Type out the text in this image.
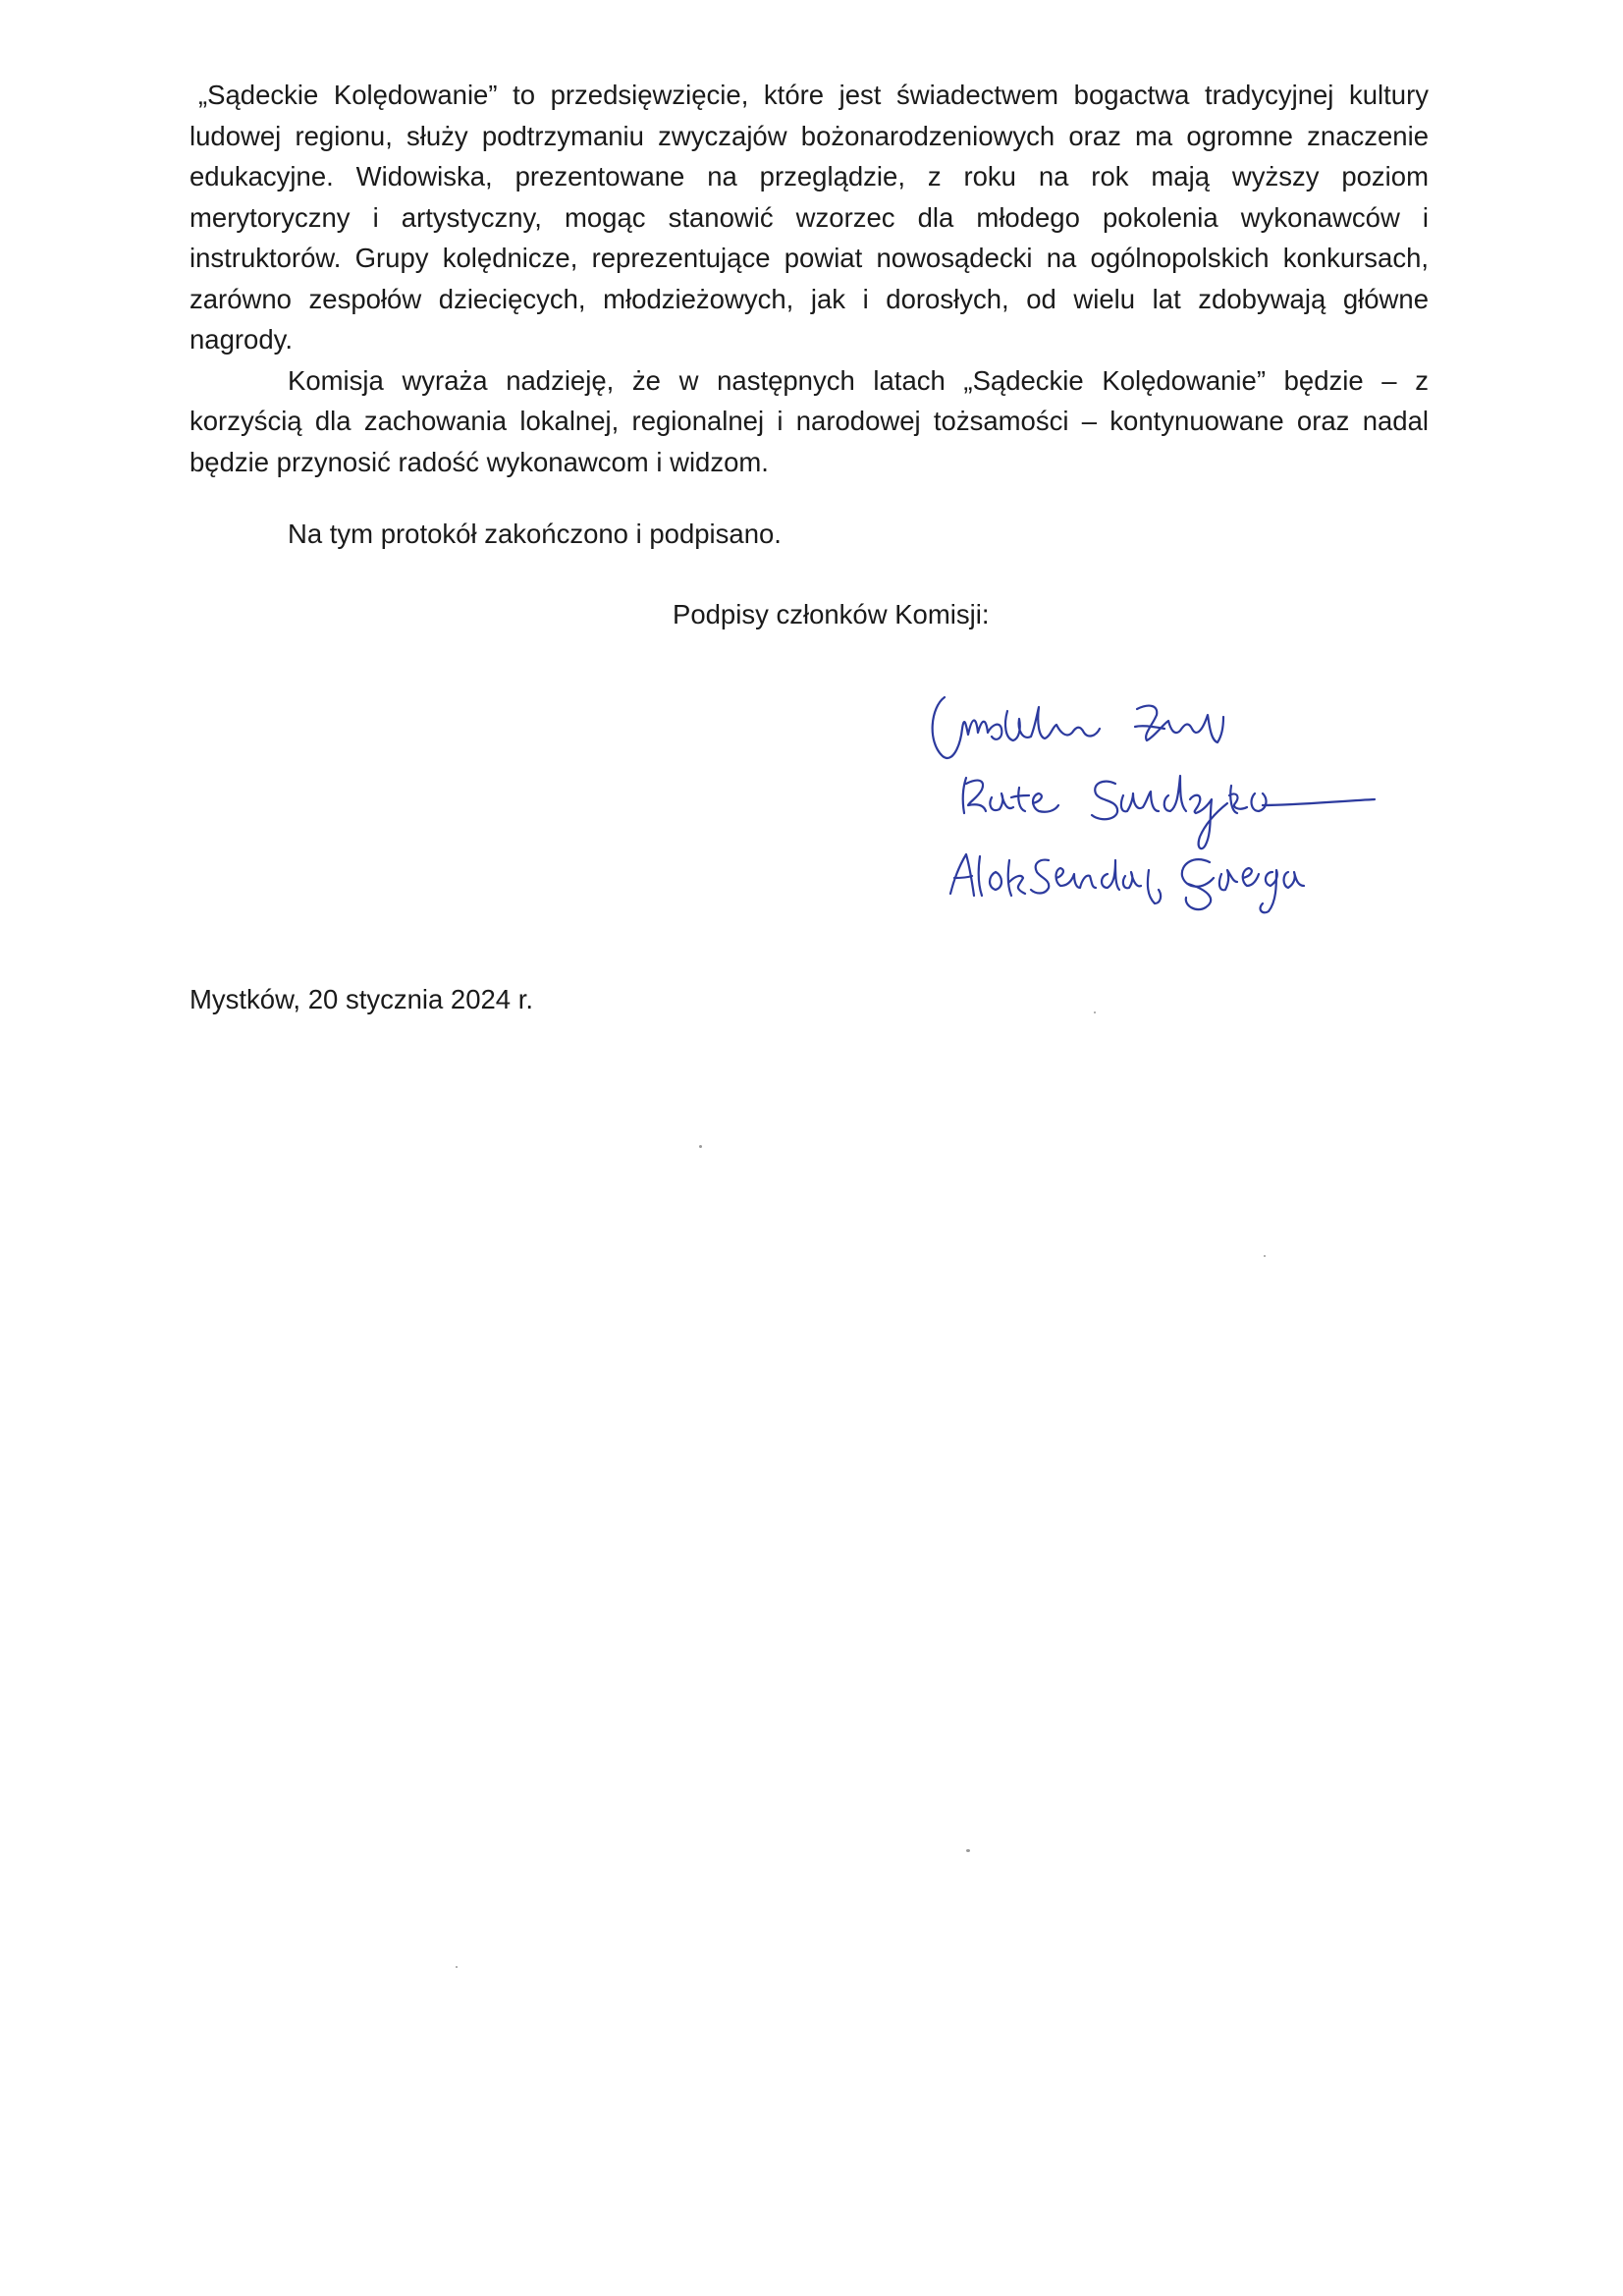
„Sądeckie Kolędowanie” to przedsięwzięcie, które jest świadectwem bogactwa tradycyjnej kultury ludowej regionu, służy podtrzymaniu zwyczajów bożonarodzeniowych oraz ma ogromne znaczenie edukacyjne. Widowiska, prezentowane na przeglądzie, z roku na rok mają wyższy poziom merytoryczny i artystyczny, mogąc stanowić wzorzec dla młodego pokolenia wykonawców i instruktorów. Grupy kolędnicze, reprezentujące powiat nowosądecki na ogólnopolskich konkursach, zarówno zespołów dziecięcych, młodzieżowych, jak i dorosłych, od wielu lat zdobywają główne nagrody.

Komisja wyraża nadzieję, że w następnych latach „Sądeckie Kolędowanie” będzie – z korzyścią dla zachowania lokalnej, regionalnej i narodowej tożsamości – kontynuowane oraz nadal będzie przynosić radość wykonawcom i widzom.

Na tym protokół zakończono i podpisano.

Podpisy członków Komisji:

Mystków, 20 stycznia 2024 r.
